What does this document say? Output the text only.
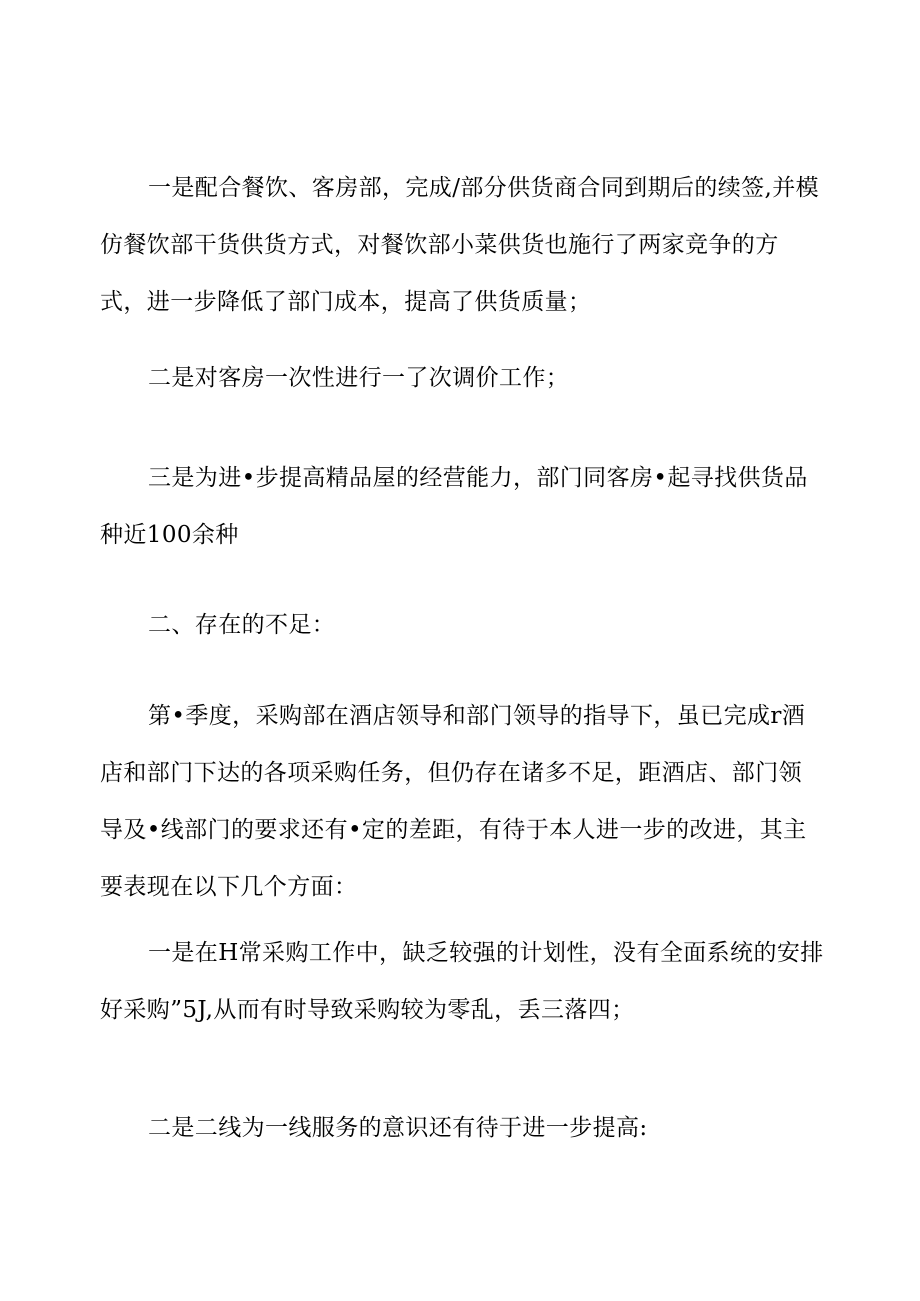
一是配合餐饮、客房部，完成/部分供货商合同到期后的续签,并模仿餐饮部干货供货方式，对餐饮部小菜供货也施行了两家竞争的方式，进一步降低了部门成本，提高了供货质量；

二是对客房一次性进行一了次调价工作；

三是为进•步提高精品屋的经营能力，部门同客房•起寻找供货品种近100余种

二、存在的不足：

第•季度，采购部在酒店领导和部门领导的指导下，虽已完成r酒店和部门下达的各项采购任务，但仍存在诸多不足，距酒店、部门领导及•线部门的要求还有•定的差距，有待于本人进一步的改进，其主要表现在以下几个方面：

一是在H常采购工作中，缺乏较强的计划性，没有全面系统的安排好采购”5J,从而有时导致采购较为零乱，丢三落四；

二是二线为一线服务的意识还有待于进一步提高:
